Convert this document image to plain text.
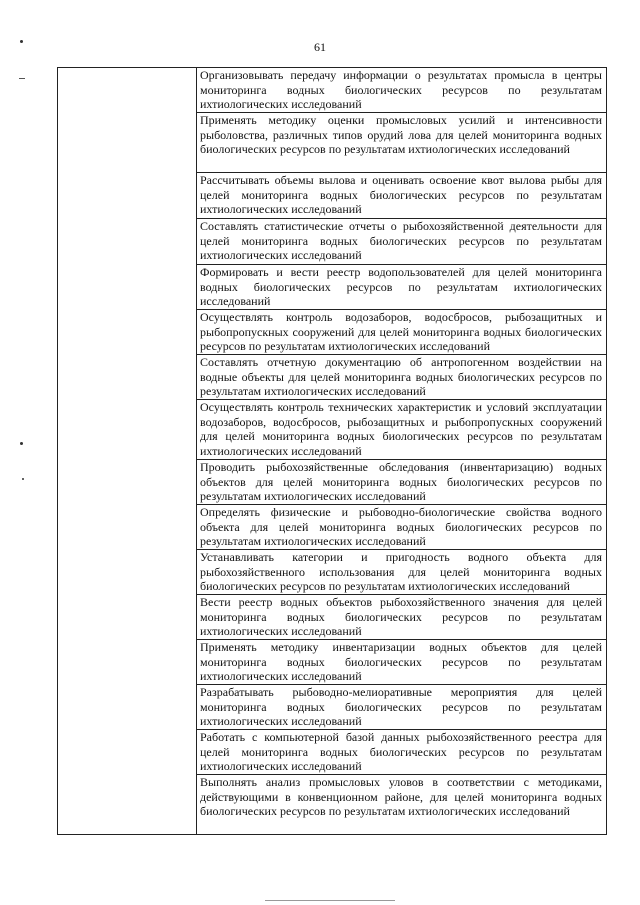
61

Организовывать передачу информации о результатах промысла в центры мониторинга водных биологических ресурсов по результатам ихтиологических исследований

Применять методику оценки промысловых усилий и интенсивности рыболовства, различных типов орудий лова для целей мониторинга водных биологических ресурсов по результатам ихтиологических исследований

Рассчитывать объемы вылова и оценивать освоение квот вылова рыбы для целей мониторинга водных биологических ресурсов по результатам ихтиологических исследований

Составлять статистические отчеты о рыбохозяйственной деятельности для целей мониторинга водных биологических ресурсов по результатам ихтиологических исследований

Формировать и вести реестр водопользователей для целей мониторинга водных биологических ресурсов по результатам ихтиологических исследований

Осуществлять контроль водозаборов, водосбросов, рыбозащитных и рыбопропускных сооружений для целей мониторинга водных биологических ресурсов по результатам ихтиологических исследований

Составлять отчетную документацию об антропогенном воздействии на водные объекты для целей мониторинга водных биологических ресурсов по результатам ихтиологических исследований

Осуществлять контроль технических характеристик и условий эксплуатации водозаборов, водосбросов, рыбозащитных и рыбопропускных сооружений для целей мониторинга водных биологических ресурсов по результатам ихтиологических исследований

Проводить рыбохозяйственные обследования (инвентаризацию) водных объектов для целей мониторинга водных биологических ресурсов по результатам ихтиологических исследований

Определять физические и рыбоводно-биологические свойства водного объекта для целей мониторинга водных биологических ресурсов по результатам ихтиологических исследований

Устанавливать категории и пригодность водного объекта для рыбохозяйственного использования для целей мониторинга водных биологических ресурсов по результатам ихтиологических исследований

Вести реестр водных объектов рыбохозяйственного значения для целей мониторинга водных биологических ресурсов по результатам ихтиологических исследований

Применять методику инвентаризации водных объектов для целей мониторинга водных биологических ресурсов по результатам ихтиологических исследований

Разрабатывать рыбоводно-мелиоративные мероприятия для целей мониторинга водных биологических ресурсов по результатам ихтиологических исследований

Работать с компьютерной базой данных рыбохозяйственного реестра для целей мониторинга водных биологических ресурсов по результатам ихтиологических исследований

Выполнять анализ промысловых уловов в соответствии с методиками, действующими в конвенционном районе, для целей мониторинга водных биологических ресурсов по результатам ихтиологических исследований
